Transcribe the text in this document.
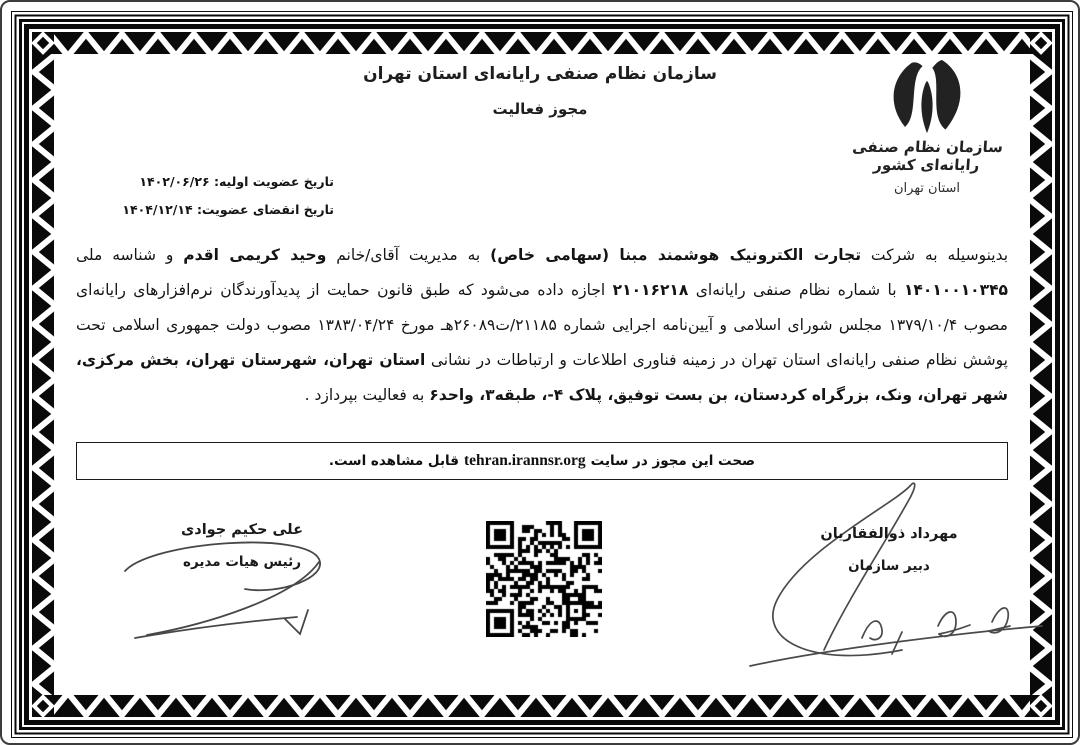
سازمان نظام صنفی رایانه‌ای استان تهران
مجوز فعالیت
سازمان نظام صنفی رایانه‌ای کشور
استان تهران
تاریخ عضویت اولیه: ۱۴۰۲/۰۶/۲۶
تاریخ انقضای عضویت: ۱۴۰۴/۱۲/۱۴
بدینوسیله به شرکت تجارت الکترونیک هوشمند مبنا (سهامی خاص) به مدیریت آقای/خانم وحید کریمی اقدم و شناسه ملی ۱۴۰۱۰۰۱۰۳۴۵ با شماره نظام صنفی رایانه‌ای ۲۱۰۱۶۲۱۸ اجازه داده می‌شود که طبق قانون حمایت از پدیدآورندگان نرم‌افزارهای رایانه‌ای مصوب ۱۳۷۹/۱۰/۴ مجلس شورای اسلامی و آیین‌نامه اجرایی شماره ۲۱۱۸۵/ت۲۶۰۸۹هـ مورخ ۱۳۸۳/۰۴/۲۴ مصوب دولت جمهوری اسلامی تحت پوشش نظام صنفی رایانه‌ای استان تهران در زمینه فناوری اطلاعات و ارتباطات در نشانی استان تهران، شهرستان تهران، بخش مرکزی، شهر تهران، ونک، بزرگراه کردستان، بن بست توفیق، پلاک ۴-، طبقه۳، واحد۶ به فعالیت بپردازد .
صحت این مجوز در سایت
tehran.irannsr.org
قابل مشاهده است.
علی حکیم جوادی
رئیس هیات مدیره
مهرداد ذوالفقاریان
دبیر سازمان
